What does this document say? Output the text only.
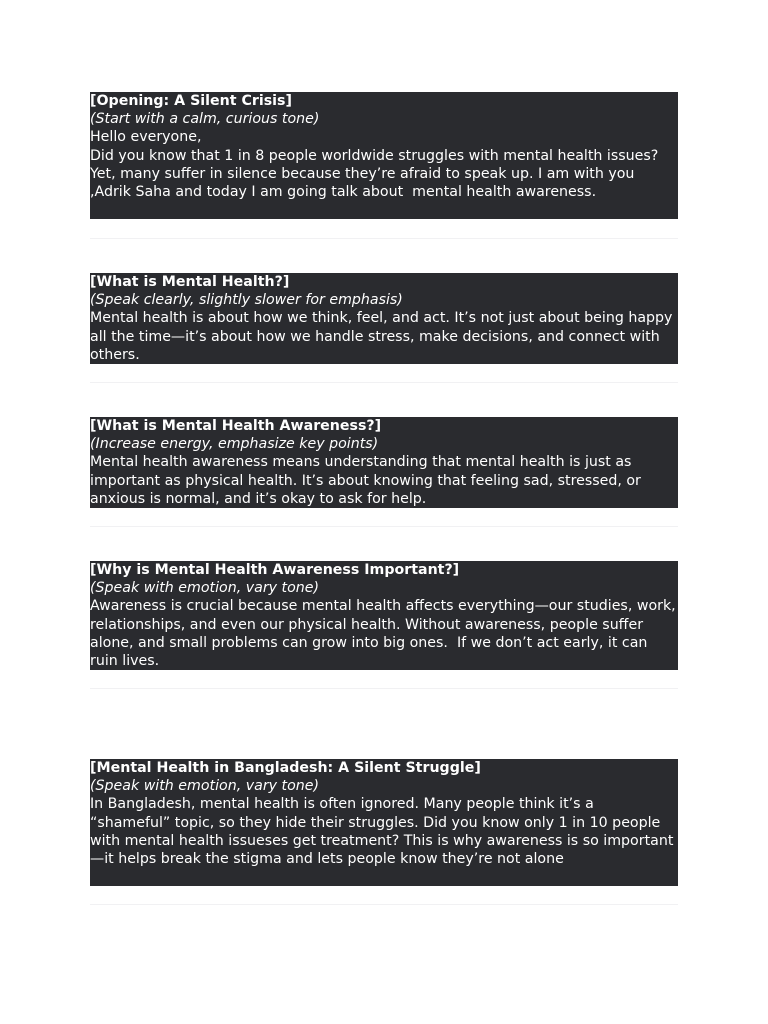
[Opening: A Silent Crisis]

(Start with a calm, curious tone)

Hello everyone,

Did you know that 1 in 8 people worldwide struggles with mental health issues? Yet, many suffer in silence because they’re afraid to speak up. I am with you   ,Adrik Saha and today I am going talk about  mental health awareness.

[What is Mental Health?]

(Speak clearly, slightly slower for emphasis)

Mental health is about how we think, feel, and act. It’s not just about being happy all the time—it’s about how we handle stress, make decisions, and connect with others.

[What is Mental Health Awareness?]

(Increase energy, emphasize key points)

Mental health awareness means understanding that mental health is just as important as physical health. It’s about knowing that feeling sad, stressed, or anxious is normal, and it’s okay to ask for help.

[Why is Mental Health Awareness Important?]

(Speak with emotion, vary tone)

Awareness is crucial because mental health affects everything—our studies, work, relationships, and even our physical health. Without awareness, people suffer alone, and small problems can grow into big ones.  If we don’t act early, it can ruin lives.

[Mental Health in Bangladesh: A Silent Struggle]

(Speak with emotion, vary tone)

In Bangladesh, mental health is often ignored. Many people think it’s a “shameful” topic, so they hide their struggles. Did you know only 1 in 10 people with mental health issueses get treatment? This is why awareness is so important—it helps break the stigma and lets people know they’re not alone
